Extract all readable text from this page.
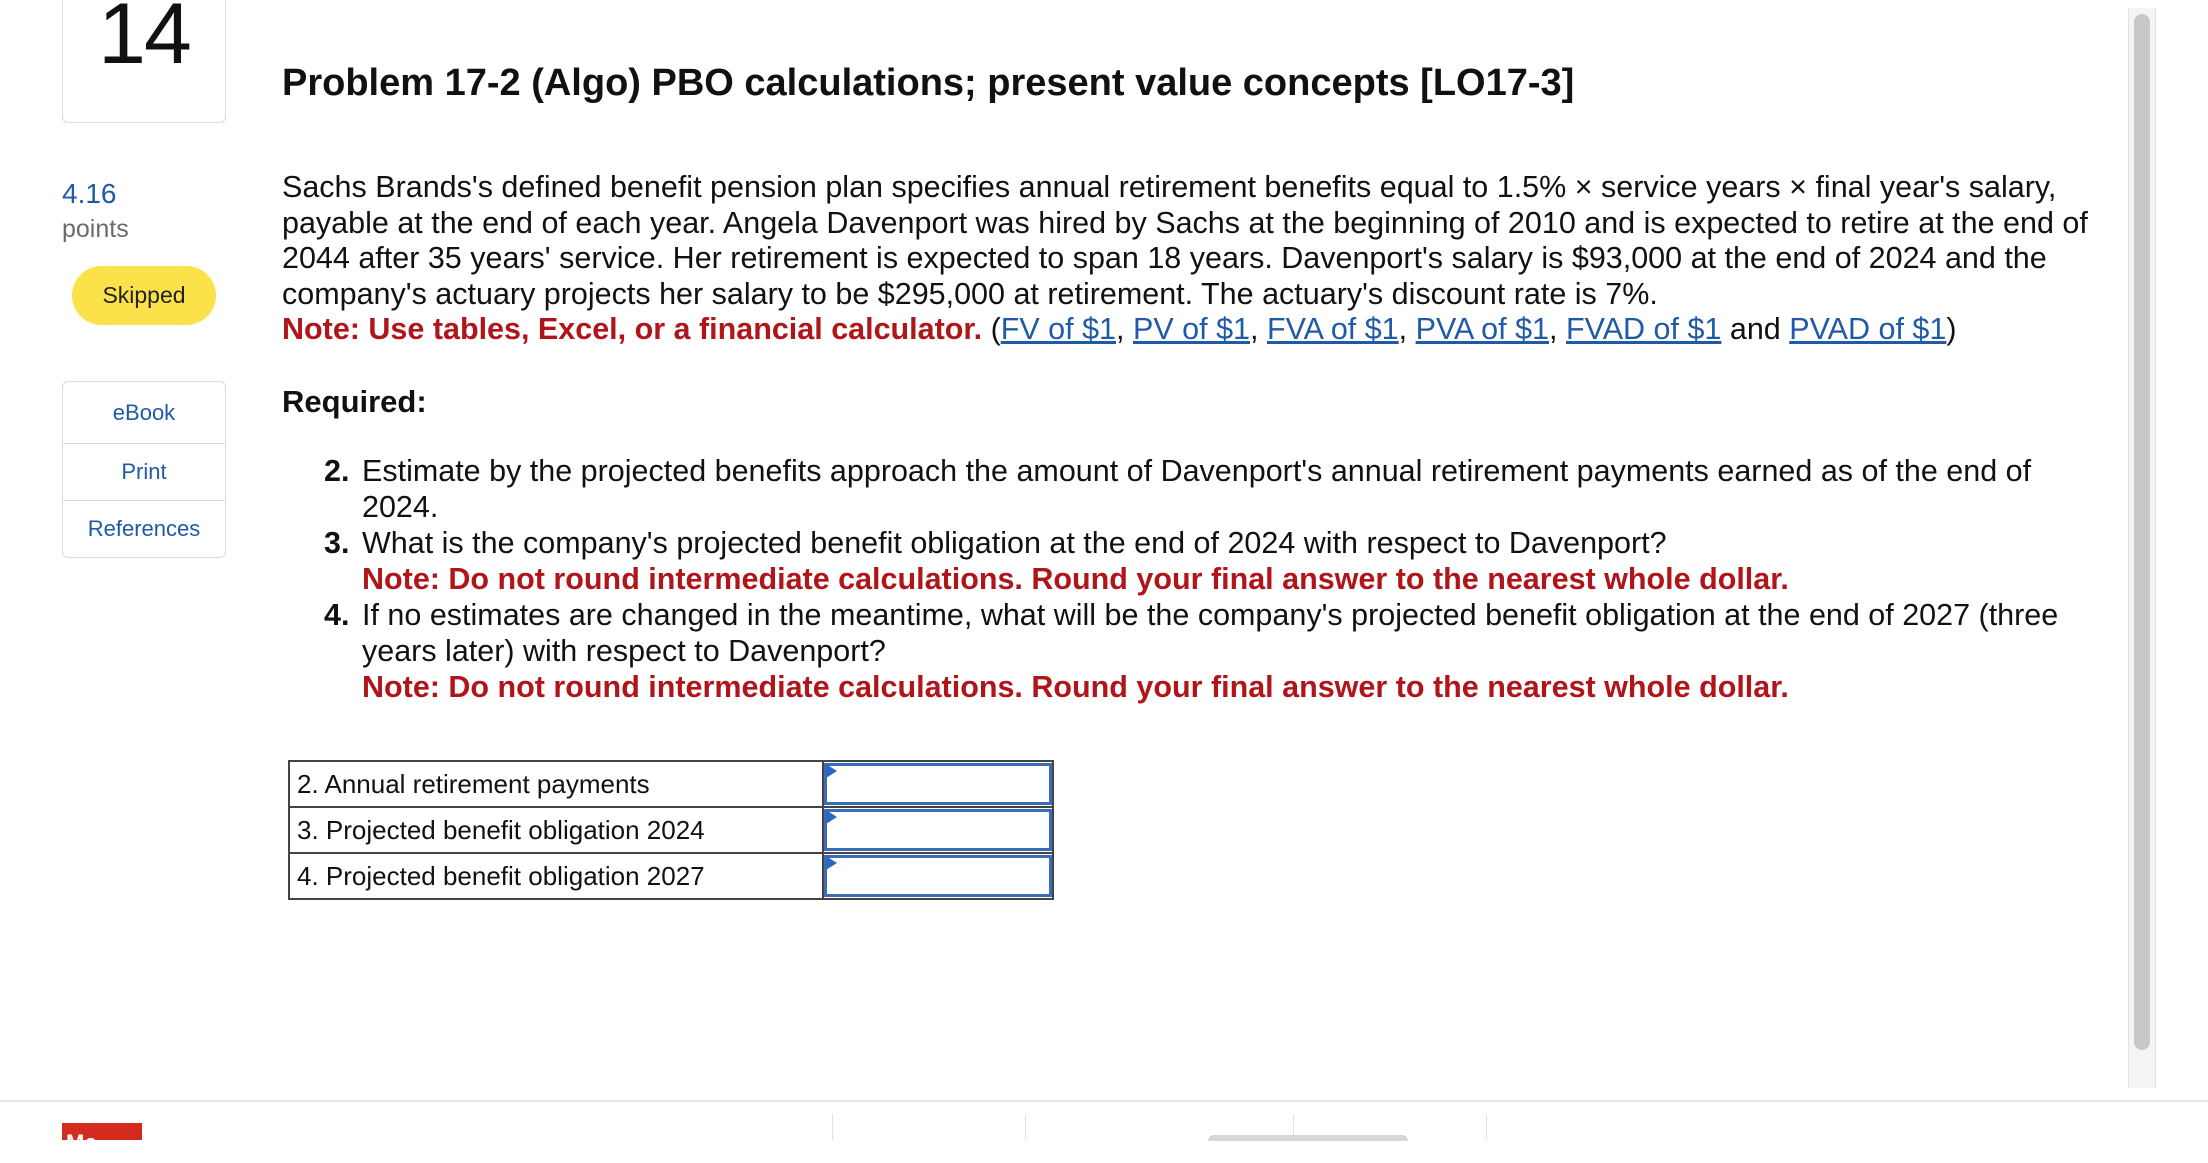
14
4.16
points
Skipped
eBook
Print
References
Problem 17-2 (Algo) PBO calculations; present value concepts [LO17-3]
Sachs Brands's defined benefit pension plan specifies annual retirement benefits equal to 1.5% × service years × final year's salary, payable at the end of each year. Angela Davenport was hired by Sachs at the beginning of 2010 and is expected to retire at the end of 2044 after 35 years' service. Her retirement is expected to span 18 years. Davenport's salary is $93,000 at the end of 2024 and the company's actuary projects her salary to be $295,000 at retirement. The actuary's discount rate is 7%.
Note: Use tables, Excel, or a financial calculator. (FV of $1, PV of $1, FVA of $1, PVA of $1, FVAD of $1 and PVAD of $1)
Required:
2. Estimate by the projected benefits approach the amount of Davenport's annual retirement payments earned as of the end of 2024.
3. What is the company's projected benefit obligation at the end of 2024 with respect to Davenport?
Note: Do not round intermediate calculations. Round your final answer to the nearest whole dollar.
4. If no estimates are changed in the meantime, what will be the company's projected benefit obligation at the end of 2027 (three years later) with respect to Davenport?
Note: Do not round intermediate calculations. Round your final answer to the nearest whole dollar.
2. Annual retirement payments	

3. Projected benefit obligation 2024	

4. Projected benefit obligation 2027	
Mc
